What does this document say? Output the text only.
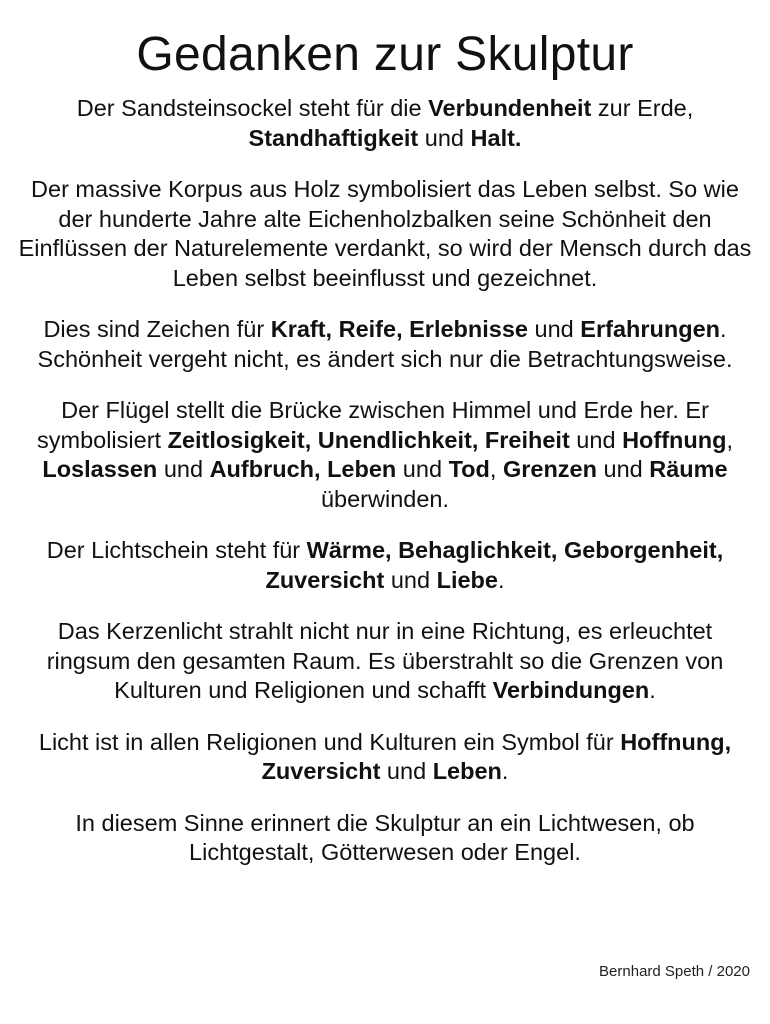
Gedanken zur Skulptur

Der Sandsteinsockel steht für die Verbundenheit zur Erde, Standhaftigkeit und Halt.

Der massive Korpus aus Holz symbolisiert das Leben selbst. So wie der hunderte Jahre alte Eichenholzbalken seine Schönheit den Einflüssen der Naturelemente verdankt, so wird der Mensch durch das Leben selbst beeinflusst und gezeichnet.

Dies sind Zeichen für Kraft, Reife, Erlebnisse und Erfahrungen. Schönheit vergeht nicht, es ändert sich nur die Betrachtungsweise.

Der Flügel stellt die Brücke zwischen Himmel und Erde her. Er symbolisiert Zeitlosigkeit, Unendlichkeit, Freiheit und Hoffnung, Loslassen und Aufbruch, Leben und Tod, Grenzen und Räume überwinden.

Der Lichtschein steht für Wärme, Behaglichkeit, Geborgenheit, Zuversicht und Liebe.

Das Kerzenlicht strahlt nicht nur in eine Richtung, es erleuchtet ringsum den gesamten Raum. Es überstrahlt so die Grenzen von Kulturen und Religionen und schafft Verbindungen.

Licht ist in allen Religionen und Kulturen ein Symbol für Hoffnung, Zuversicht und Leben.

In diesem Sinne erinnert die Skulptur an ein Lichtwesen, ob Lichtgestalt, Götterwesen oder Engel.

Bernhard Speth / 2020
